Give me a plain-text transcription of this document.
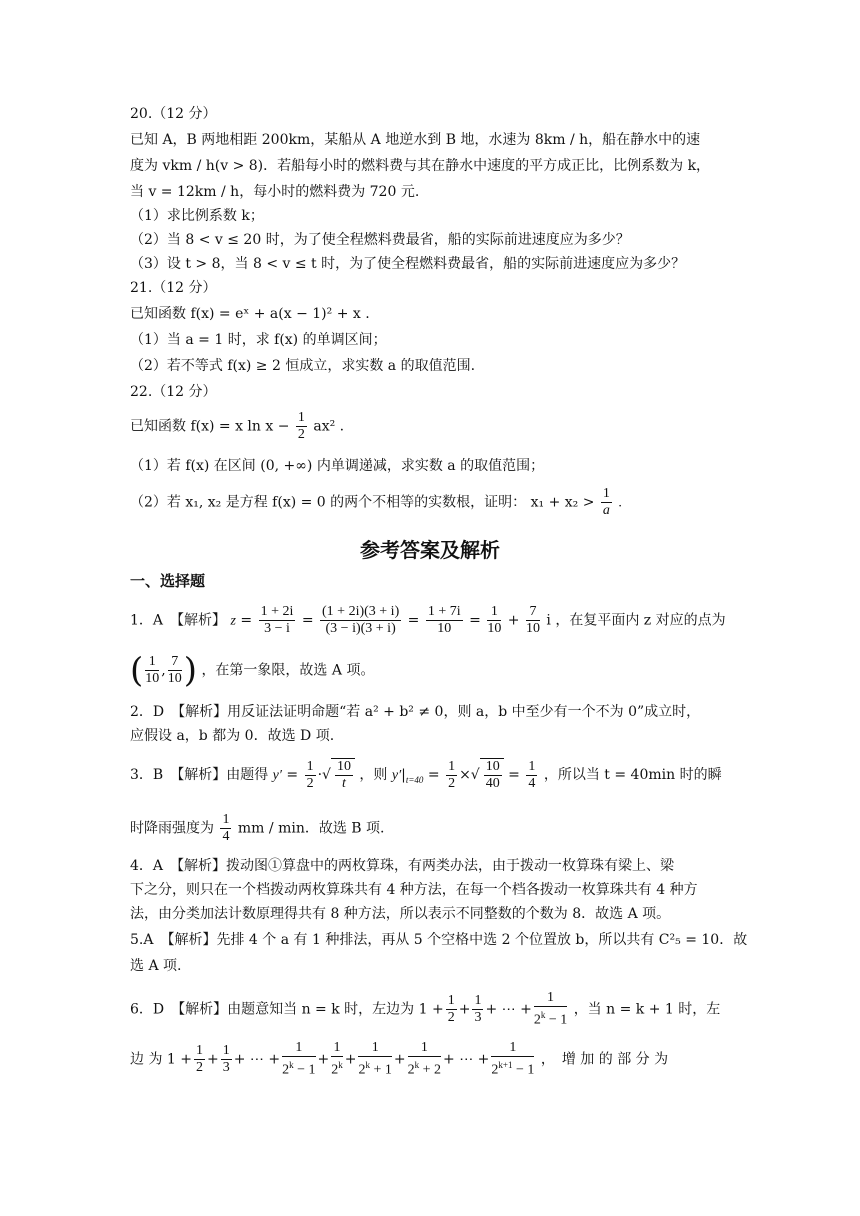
20.（12 分）
已知 A，B 两地相距 200km，某船从 A 地逆水到 B 地，水速为 8km / h，船在静水中的速
度为 vkm / h(v > 8)．若船每小时的燃料费与其在静水中速度的平方成正比，比例系数为 k，
当 v = 12km / h，每小时的燃料费为 720 元.
（1）求比例系数 k；
（2）当 8 < v ≤ 20 时，为了使全程燃料费最省，船的实际前进速度应为多少？
（3）设 t > 8，当 8 < v ≤ t 时，为了使全程燃料费最省，船的实际前进速度应为多少？
21.（12 分）
已知函数 f(x) = eˣ + a(x − 1)² + x .
（1）当 a = 1 时，求 f(x) 的单调区间；
（2）若不等式 f(x) ≥ 2 恒成立，求实数 a 的取值范围.
22.（12 分）
已知函数 f(x) = x $\ln x - \frac{1}{2} ax^2$ .
（1）若 f(x) 在区间 (0, +∞) 内单调递减，求实数 a 的取值范围；
（2）若 x₁, x₂ 是方程 f(x) = 0 的两个不相等的实数根，证明： $x_1 + x_2 > \frac{1}{a}$ .
参考答案及解析
一、选择题
1．A　【解析】 $z = \frac{1 + 2i}{3 - i} = \frac{(1 + 2i)(3 + i)}{(3 - i)(3 + i)} = \frac{1 + 7i}{10} = \frac{1}{10} + \frac{7}{10}$ i ，在复平面内 z 对应的点为
( $\frac{1}{10}$ , $\frac{7}{10}$ ) ，在第一象限，故选 A 项。
2．D　【解析】用反证法证明命题“若 a² + b² ≠ 0，则 a，b 中至少有一个不为 0”成立时，
应假设 a，b 都为 0．故选 D 项.
3．B　【解析】由题得 $y' = \frac{1}{2}$ ·√ $\frac{10}{t}$ ，则 $y'|_{t=40} = \frac{1}{2}$ ×√ $\frac{10}{40} = \frac{1}{4}$ ，所以当 t = 40min 时的瞬
时降雨强度为 $\frac{1}{4}$ mm / min．故选 B 项.
4．A　【解析】拨动图①算盘中的两枚算珠，有两类办法，由于拨动一枚算珠有梁上、梁
下之分，则只在一个档拨动两枚算珠共有 4 种方法，在每一个档各拨动一枚算珠共有 4 种方
法，由分类加法计数原理得共有 8 种方法，所以表示不同整数的个数为 8．故选 A 项。
5.A　【解析】先排 4 个 a 有 1 种排法，再从 5 个空格中选 2 个位置放 b，所以共有 C²₅ = 10．故
选 A 项.
6．D　【解析】由题意知当 n = k 时，左边为 $1 + \frac{1}{2} + \frac{1}{3}$ + ⋯ + $\frac{1}{2^k - 1}$ ，当 n = k + 1 时，左
边 为 $1 + \frac{1}{2} + \frac{1}{3}$ + ⋯ + $\frac{1}{2^k - 1} + \frac{1}{2^k} + \frac{1}{2^k + 1} + \frac{1}{2^k + 2}$ + ⋯ + $\frac{1}{2^{k+1} - 1}$ ，　增 加 的 部 分 为
